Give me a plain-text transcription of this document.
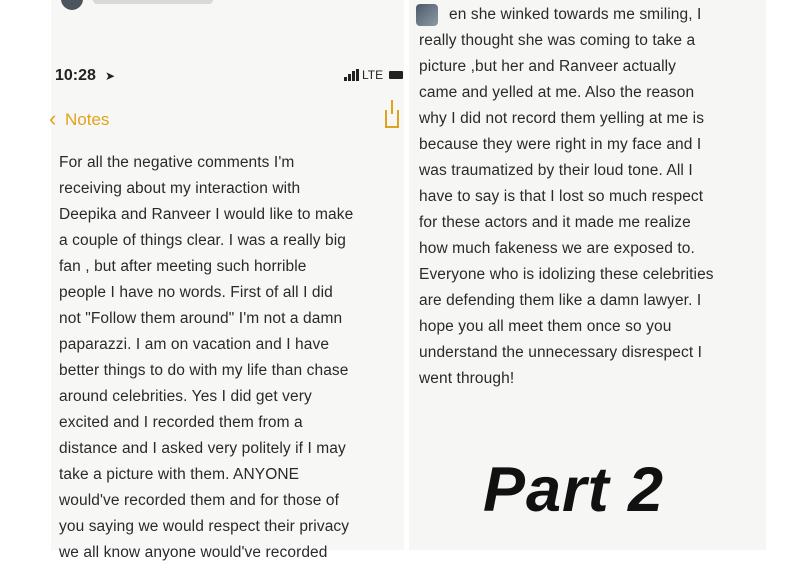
10:28 ➤	LTE
‹ Notes
For all the negative comments I'm
receiving about my interaction with
Deepika and Ranveer I would like to make
a couple of things clear. I was a really big
fan , but after meeting such horrible
people I have no words. First of all I did
not "Follow them around" I'm not a damn
paparazzi. I am on vacation and I have
better things to do with my life than chase
around celebrities. Yes I did get very
excited and I recorded them from a
distance and I asked very politely if I may
take a picture with them. ANYONE
would've recorded them and for those of
you saying we would respect their privacy
we all know anyone would've recorded
en she winked towards me smiling, I
really thought she was coming to take a
picture ,but her and Ranveer actually
came and yelled at me. Also the reason
why I did not record them yelling at me is
because they were right in my face and I
was traumatized by their loud tone. All I
have to say is that I lost so much respect
for these actors and it made me realize
how much fakeness we are exposed to.
Everyone who is idolizing these celebrities
are defending them like a damn lawyer. I
hope you all meet them once so you
understand the unnecessary disrespect I
went through!
Part 2
